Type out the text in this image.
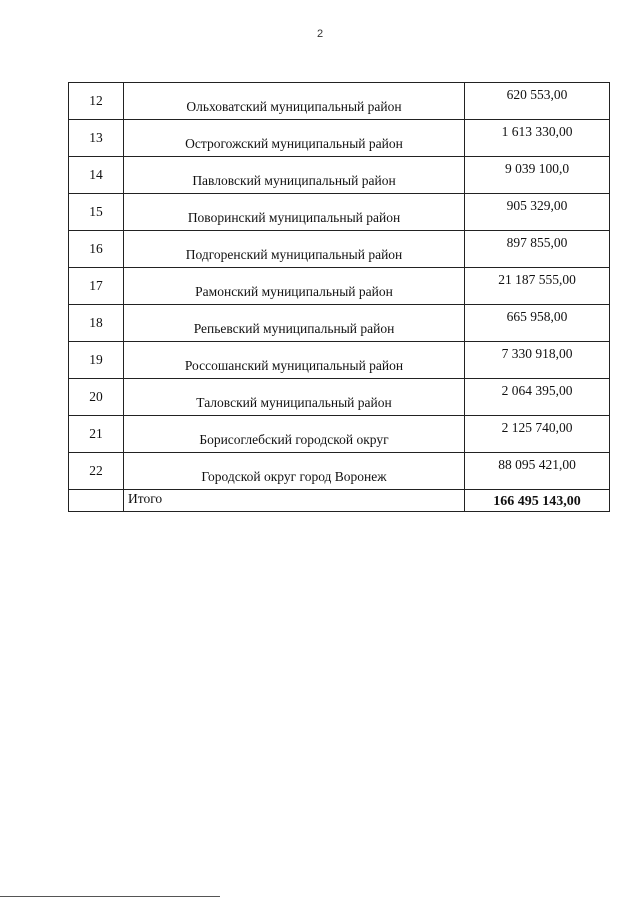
2
12	Ольховатский муниципальный район	620 553,00
13	Острогожский муниципальный район	1 613 330,00
14	Павловский муниципальный район	9 039 100,0
15	Поворинский муниципальный район	905 329,00
16	Подгоренский муниципальный район	897 855,00
17	Рамонский муниципальный район	21 187 555,00
18	Репьевский муниципальный район	665 958,00
19	Россошанский муниципальный район	7 330 918,00
20	Таловский муниципальный район	2 064 395,00
21	Борисоглебский городской округ	2 125 740,00
22	Городской округ город Воронеж	88 095 421,00
	Итого	166 495 143,00
